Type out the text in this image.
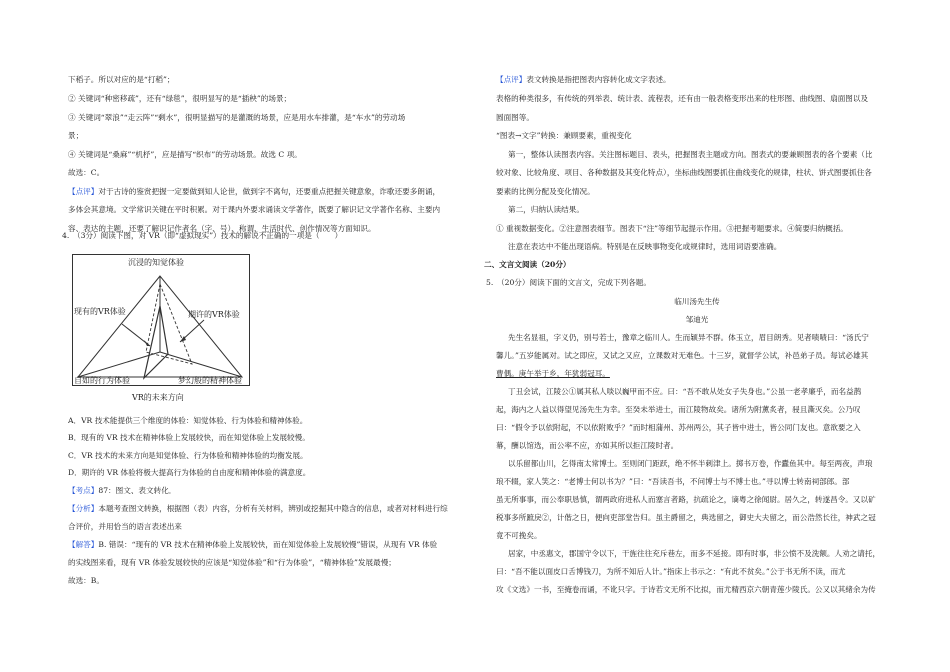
下稻子。所以对应的是“打稻”；
② 关键词“种密移疏”，还有“绿毯”，很明显写的是“插秧”的场景；
③ 关键词“翠浪”“走云阵”“剩水”，很明显描写的是灌溉的场景，应是用水车排灌，是“车水”的劳动场
景；
④ 关键词是“桑麻”“机杼”，应是描写“织布”的劳动场景。故选 C 项。
故选：C。
【点评】对于古诗的鉴赏把握一定要做到知人论世，做到字不离句，还要重点把握关键意象，诈歌还要多朗诵，
多体会其意境。文学常识关键在平时积累。对于课内外要求诵读文学著作，既要了解识记文学著作名称、主要内
容、表达的主题，还要了解识记作者名（字、号）、称谓、生活时代、创作情况等方面知识。
4.　（3分）阅读下图，对 VR（即“虚拟现实”）技术的解说不正确的一项是（　　）
沉浸的知觉体验
现有的VR体验	期许的VR体验
自如的行为体验	梦幻般的精神体验
VR的未来方向
A．VR 技术能提供三个维度的体验：知觉体验、行为体验和精神体验。
B．现有的 VR 技术在精神体验上发展较快，而在知觉体验上发展较慢。
C．VR 技术的未来方向是知觉体验、行为体验和精神体验的均衡发展。
D．期许的 VR 体验将极大提高行为体验的自由度和精神体验的满意度。
【考点】87：图文、表文转化．
【分析】本题考查图文转换，根据图（表）内容，分析有关材料，辨别或挖掘其中隐含的信息，或者对材料进行综
合评价，并用恰当的语言表述出来
【解答】B. 错误：“现有的 VR 技术在精神体验上发展较快，而在知觉体验上发展较慢”错误，从现有 VR 体验
的实线图来看，现有 VR 体验发展较快的应该是“知觉体验”和“行为体验”，“精神体验”发展最慢；
故选：B。
【点评】表文转换是指把图表内容转化成文字表述。
表格的种类很多，有传统的列举表、统计表、流程表，还有由一般表格变形出来的柱形图、曲线图、扇面图以及
圆面图等。
“图表→文字”转换：兼顾要素，重视变化
第一，整体认读图表内容。关注图标题目、表头，把握图表主题或方向。图表式的要兼顾图表的各个要素（比
较对象、比较角度、项目、各种数据及其变化特点），坐标曲线图要抓住曲线变化的规律，柱状、饼式图要抓住各
要素的比例分配及变化情况。
第二，归纳认读结果。
① 重视数据变化。②注意图表细节。图表下“注”等细节起提示作用。③把握考题要求。④简要归纳概括。
注意在表达中不能出现语病。特别是在反映事物变化或规律时，选用词语要准确。
二、文言文阅读（20分）
5.　（20分）阅读下面的文言文，完成下列各题。
临川汤先生传
邹迪光
先生名显祖，字义仍，别号若士，豫章之临川人。生而颖异不群。体玉立，眉目朗秀。见者啧啧曰：“汤氏宁
馨儿。”五岁能属对。试之即应，又试之又应，立课数对无难色。十三岁，就督学公试，补邑弟子员。每试必雄其
曹偶。庚午举于乡，年犹弱冠耳。
丁丑会试，江陵公①属其私人啖以巍甲而不应。曰：“吾不敢从处女子失身也。”公虽一老孝廉乎，而名益鹊
起，海内之人益以得望见汤先生为幸。至癸未举进士，而江陵物故矣。诸所为附薰炙者，骎且澌灭矣。公乃叹
曰：“假令予以依附起，不以依附败乎？”而时相蒲州、苏州两公，其子皆中进士，皆公同门友也。意欲要之入
幕，酬以馆选，而公率不应，亦如其所以拒江陵时者。
以乐留都山川，乞得南太常博士。至则闭门距跃，绝不怀半刺津上。掷书万卷，作蠹鱼其中。每至两夜，声琅
琅不辍，家人笑之：“老博士何以书为？”曰：“吾读吾书，不问博士与不博士也。”寻以博士转南祠部郎。部
虽无所事事，而公奉职恳慎，谓两政府进私人而塞言者路，抗疏论之，谪粤之徐闻尉。居久之，转遂昌令。又以矿
税事多所蹠戾②，计偕之日，便向吏部堂告归。虽主爵留之，典选留之，御史大夫留之，而公浩然长往，神武之冠
竟不可挽矣。
居家，中丞惠文，郡国守令以下，干旌往往充斥巷左，而多不延接。即有时事，非公愤不及洗额。人劝之请托，
曰：“吾不能以面皮口舌博钱刀，为所不知后人计。”指床上书示之：“有此不贫矣。”公于书无所不读，而尤
攻《文选》一书，至掩卷而诵，不讹只字。于诗若文无所不比拟，而尤精西京六朝青莲少陵氏。公又以其緒余为传
